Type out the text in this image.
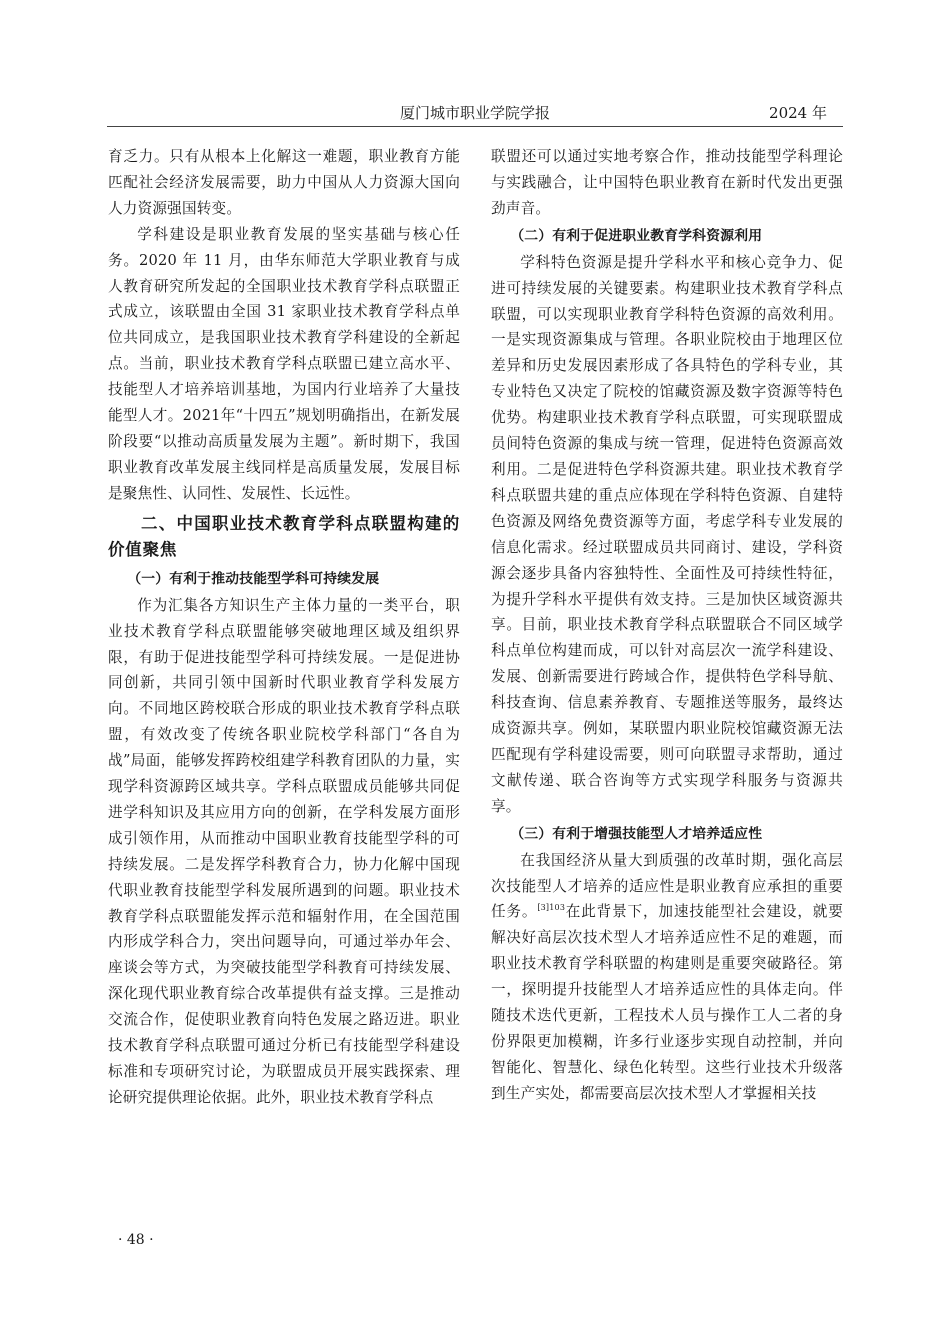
厦门城市职业学院学报	2024 年

育乏力。只有从根本上化解这一难题，职业教育方能匹配社会经济发展需要，助力中国从人力资源大国向人力资源强国转变。

学科建设是职业教育发展的坚实基础与核心任务。2020 年 11 月，由华东师范大学职业教育与成人教育研究所发起的全国职业技术教育学科点联盟正式成立，该联盟由全国 31 家职业技术教育学科点单位共同成立，是我国职业技术教育学科建设的全新起点。当前，职业技术教育学科点联盟已建立高水平、技能型人才培养培训基地，为国内行业培养了大量技能型人才。2021年“十四五”规划明确指出，在新发展阶段要“以推动高质量发展为主题”。新时期下，我国职业教育改革发展主线同样是高质量发展，发展目标是聚焦性、认同性、发展性、长远性。

二、中国职业技术教育学科点联盟构建的价值聚焦
（一）有利于推动技能型学科可持续发展

作为汇集各方知识生产主体力量的一类平台，职业技术教育学科点联盟能够突破地理区域及组织界限，有助于促进技能型学科可持续发展。一是促进协同创新，共同引领中国新时代职业教育学科发展方向。不同地区跨校联合形成的职业技术教育学科点联盟，有效改变了传统各职业院校学科部门“各自为战”局面，能够发挥跨校组建学科教育团队的力量，实现学科资源跨区域共享。学科点联盟成员能够共同促进学科知识及其应用方向的创新，在学科发展方面形成引领作用，从而推动中国职业教育技能型学科的可持续发展。二是发挥学科教育合力，协力化解中国现代职业教育技能型学科发展所遇到的问题。职业技术教育学科点联盟能发挥示范和辐射作用，在全国范围内形成学科合力，突出问题导向，可通过举办年会、座谈会等方式，为突破技能型学科教育可持续发展、深化现代职业教育综合改革提供有益支撑。三是推动交流合作，促使职业教育向特色发展之路迈进。职业技术教育学科点联盟可通过分析已有技能型学科建设标准和专项研究讨论，为联盟成员开展实践探索、理论研究提供理论依据。此外，职业技术教育学科点

联盟还可以通过实地考察合作，推动技能型学科理论与实践融合，让中国特色职业教育在新时代发出更强劲声音。

（二）有利于促进职业教育学科资源利用

学科特色资源是提升学科水平和核心竞争力、促进可持续发展的关键要素。构建职业技术教育学科点联盟，可以实现职业教育学科特色资源的高效利用。一是实现资源集成与管理。各职业院校由于地理区位差异和历史发展因素形成了各具特色的学科专业，其专业特色又决定了院校的馆藏资源及数字资源等特色优势。构建职业技术教育学科点联盟，可实现联盟成员间特色资源的集成与统一管理，促进特色资源高效利用。二是促进特色学科资源共建。职业技术教育学科点联盟共建的重点应体现在学科特色资源、自建特色资源及网络免费资源等方面，考虑学科专业发展的信息化需求。经过联盟成员共同商讨、建设，学科资源会逐步具备内容独特性、全面性及可持续性特征，为提升学科水平提供有效支持。三是加快区域资源共享。目前，职业技术教育学科点联盟联合不同区域学科点单位构建而成，可以针对高层次一流学科建设、发展、创新需要进行跨域合作，提供特色学科导航、科技查询、信息素养教育、专题推送等服务，最终达成资源共享。例如，某联盟内职业院校馆藏资源无法匹配现有学科建设需要，则可向联盟寻求帮助，通过文献传递、联合咨询等方式实现学科服务与资源共享。

（三）有利于增强技能型人才培养适应性

在我国经济从量大到质强的改革时期，强化高层次技能型人才培养的适应性是职业教育应承担的重要任务。$^{[3]103}$在此背景下，加速技能型社会建设，就要解决好高层次技术型人才培养适应性不足的难题，而职业技术教育学科联盟的构建则是重要突破路径。第一，探明提升技能型人才培养适应性的具体走向。伴随技术迭代更新，工程技术人员与操作工人二者的身份界限更加模糊，许多行业逐步实现自动控制，并向智能化、智慧化、绿色化转型。这些行业技术升级落到生产实处，都需要高层次技术型人才掌握相关技

· 48 ·
